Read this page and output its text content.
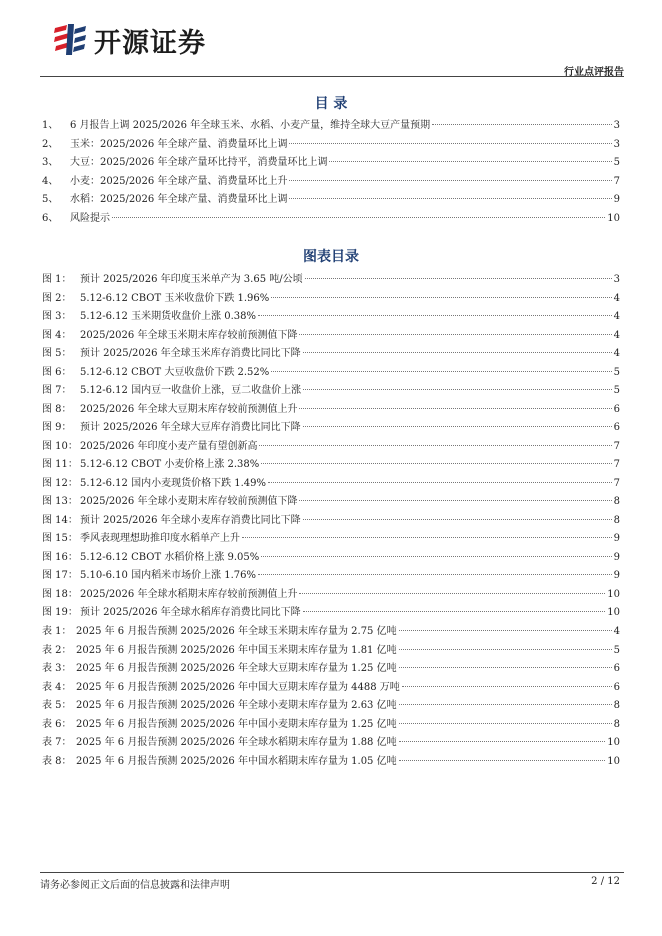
开源证券
行业点评报告
目 录
1、	6 月报告上调 2025/2026 年全球玉米、水稻、小麦产量，维持全球大豆产量预期	3
2、	玉米：2025/2026 年全球产量、消费量环比上调	3
3、	大豆：2025/2026 年全球产量环比持平，消费量环比上调	5
4、	小麦：2025/2026 年全球产量、消费量环比上升	7
5、	水稻：2025/2026 年全球产量、消费量环比上调	9
6、	风险提示	10
图表目录
图 1： 预计 2025/2026 年印度玉米单产为 3.65 吨/公顷	3
图 2： 5.12-6.12 CBOT 玉米收盘价下跌 1.96%	4
图 3： 5.12-6.12 玉米期货收盘价上涨 0.38%	4
图 4： 2025/2026 年全球玉米期末库存较前预测值下降	4
图 5： 预计 2025/2026 年全球玉米库存消费比同比下降	4
图 6： 5.12-6.12 CBOT 大豆收盘价下跌 2.52%	5
图 7： 5.12-6.12 国内豆一收盘价上涨，豆二收盘价上涨	5
图 8： 2025/2026 年全球大豆期末库存较前预测值上升	6
图 9： 预计 2025/2026 年全球大豆库存消费比同比下降	6
图 10： 2025/2026 年印度小麦产量有望创新高	7
图 11： 5.12-6.12 CBOT 小麦价格上涨 2.38%	7
图 12： 5.12-6.12 国内小麦现货价格下跌 1.49%	7
图 13： 2025/2026 年全球小麦期末库存较前预测值下降	8
图 14： 预计 2025/2026 年全球小麦库存消费比同比下降	8
图 15： 季风表现理想助推印度水稻单产上升	9
图 16： 5.12-6.12 CBOT 水稻价格上涨 9.05%	9
图 17： 5.10-6.10 国内稻米市场价上涨 1.76%	9
图 18： 2025/2026 年全球水稻期末库存较前预测值上升	10
图 19： 预计 2025/2026 年全球水稻库存消费比同比下降	10
表 1： 2025 年 6 月报告预测 2025/2026 年全球玉米期末库存量为 2.75 亿吨	4
表 2： 2025 年 6 月报告预测 2025/2026 年中国玉米期末库存量为 1.81 亿吨	5
表 3： 2025 年 6 月报告预测 2025/2026 年全球大豆期末库存量为 1.25 亿吨	6
表 4： 2025 年 6 月报告预测 2025/2026 年中国大豆期末库存量为 4488 万吨	6
表 5： 2025 年 6 月报告预测 2025/2026 年全球小麦期末库存量为 2.63 亿吨	8
表 6： 2025 年 6 月报告预测 2025/2026 年中国小麦期末库存量为 1.25 亿吨	8
表 7： 2025 年 6 月报告预测 2025/2026 年全球水稻期末库存量为 1.88 亿吨	10
表 8： 2025 年 6 月报告预测 2025/2026 年中国水稻期末库存量为 1.05 亿吨	10
请务必参阅正文后面的信息披露和法律声明	2 / 12
